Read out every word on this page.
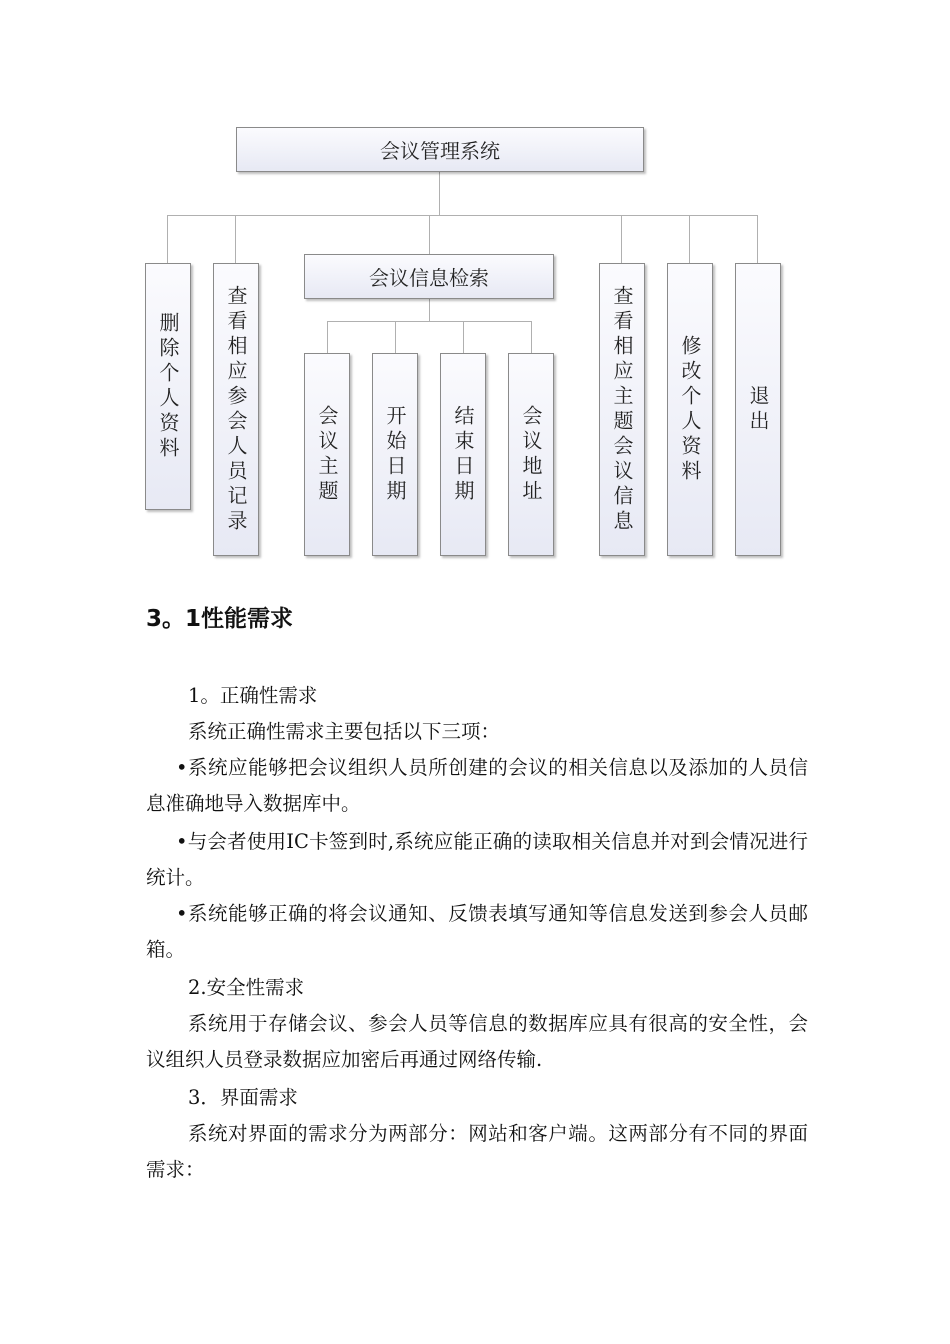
会议管理系统
删除个人资料	查看相应参会人员记录
会议信息检索
会议主题	开始日期	结束日期	会议地址	查看相应主题会议信息	修改个人资料	退出
3。1性能需求

1。正确性需求

系统正确性需求主要包括以下三项：

•系统应能够把会议组织人员所创建的会议的相关信息以及添加的人员信息准确地导入数据库中。

•与会者使用IC卡签到时,系统应能正确的读取相关信息并对到会情况进行统计。

•系统能够正确的将会议通知、反馈表填写通知等信息发送到参会人员邮箱。

2.安全性需求

系统用于存储会议、参会人员等信息的数据库应具有很高的安全性，会议组织人员登录数据应加密后再通过网络传输.

3．界面需求

系统对界面的需求分为两部分：网站和客户端。这两部分有不同的界面需求：
